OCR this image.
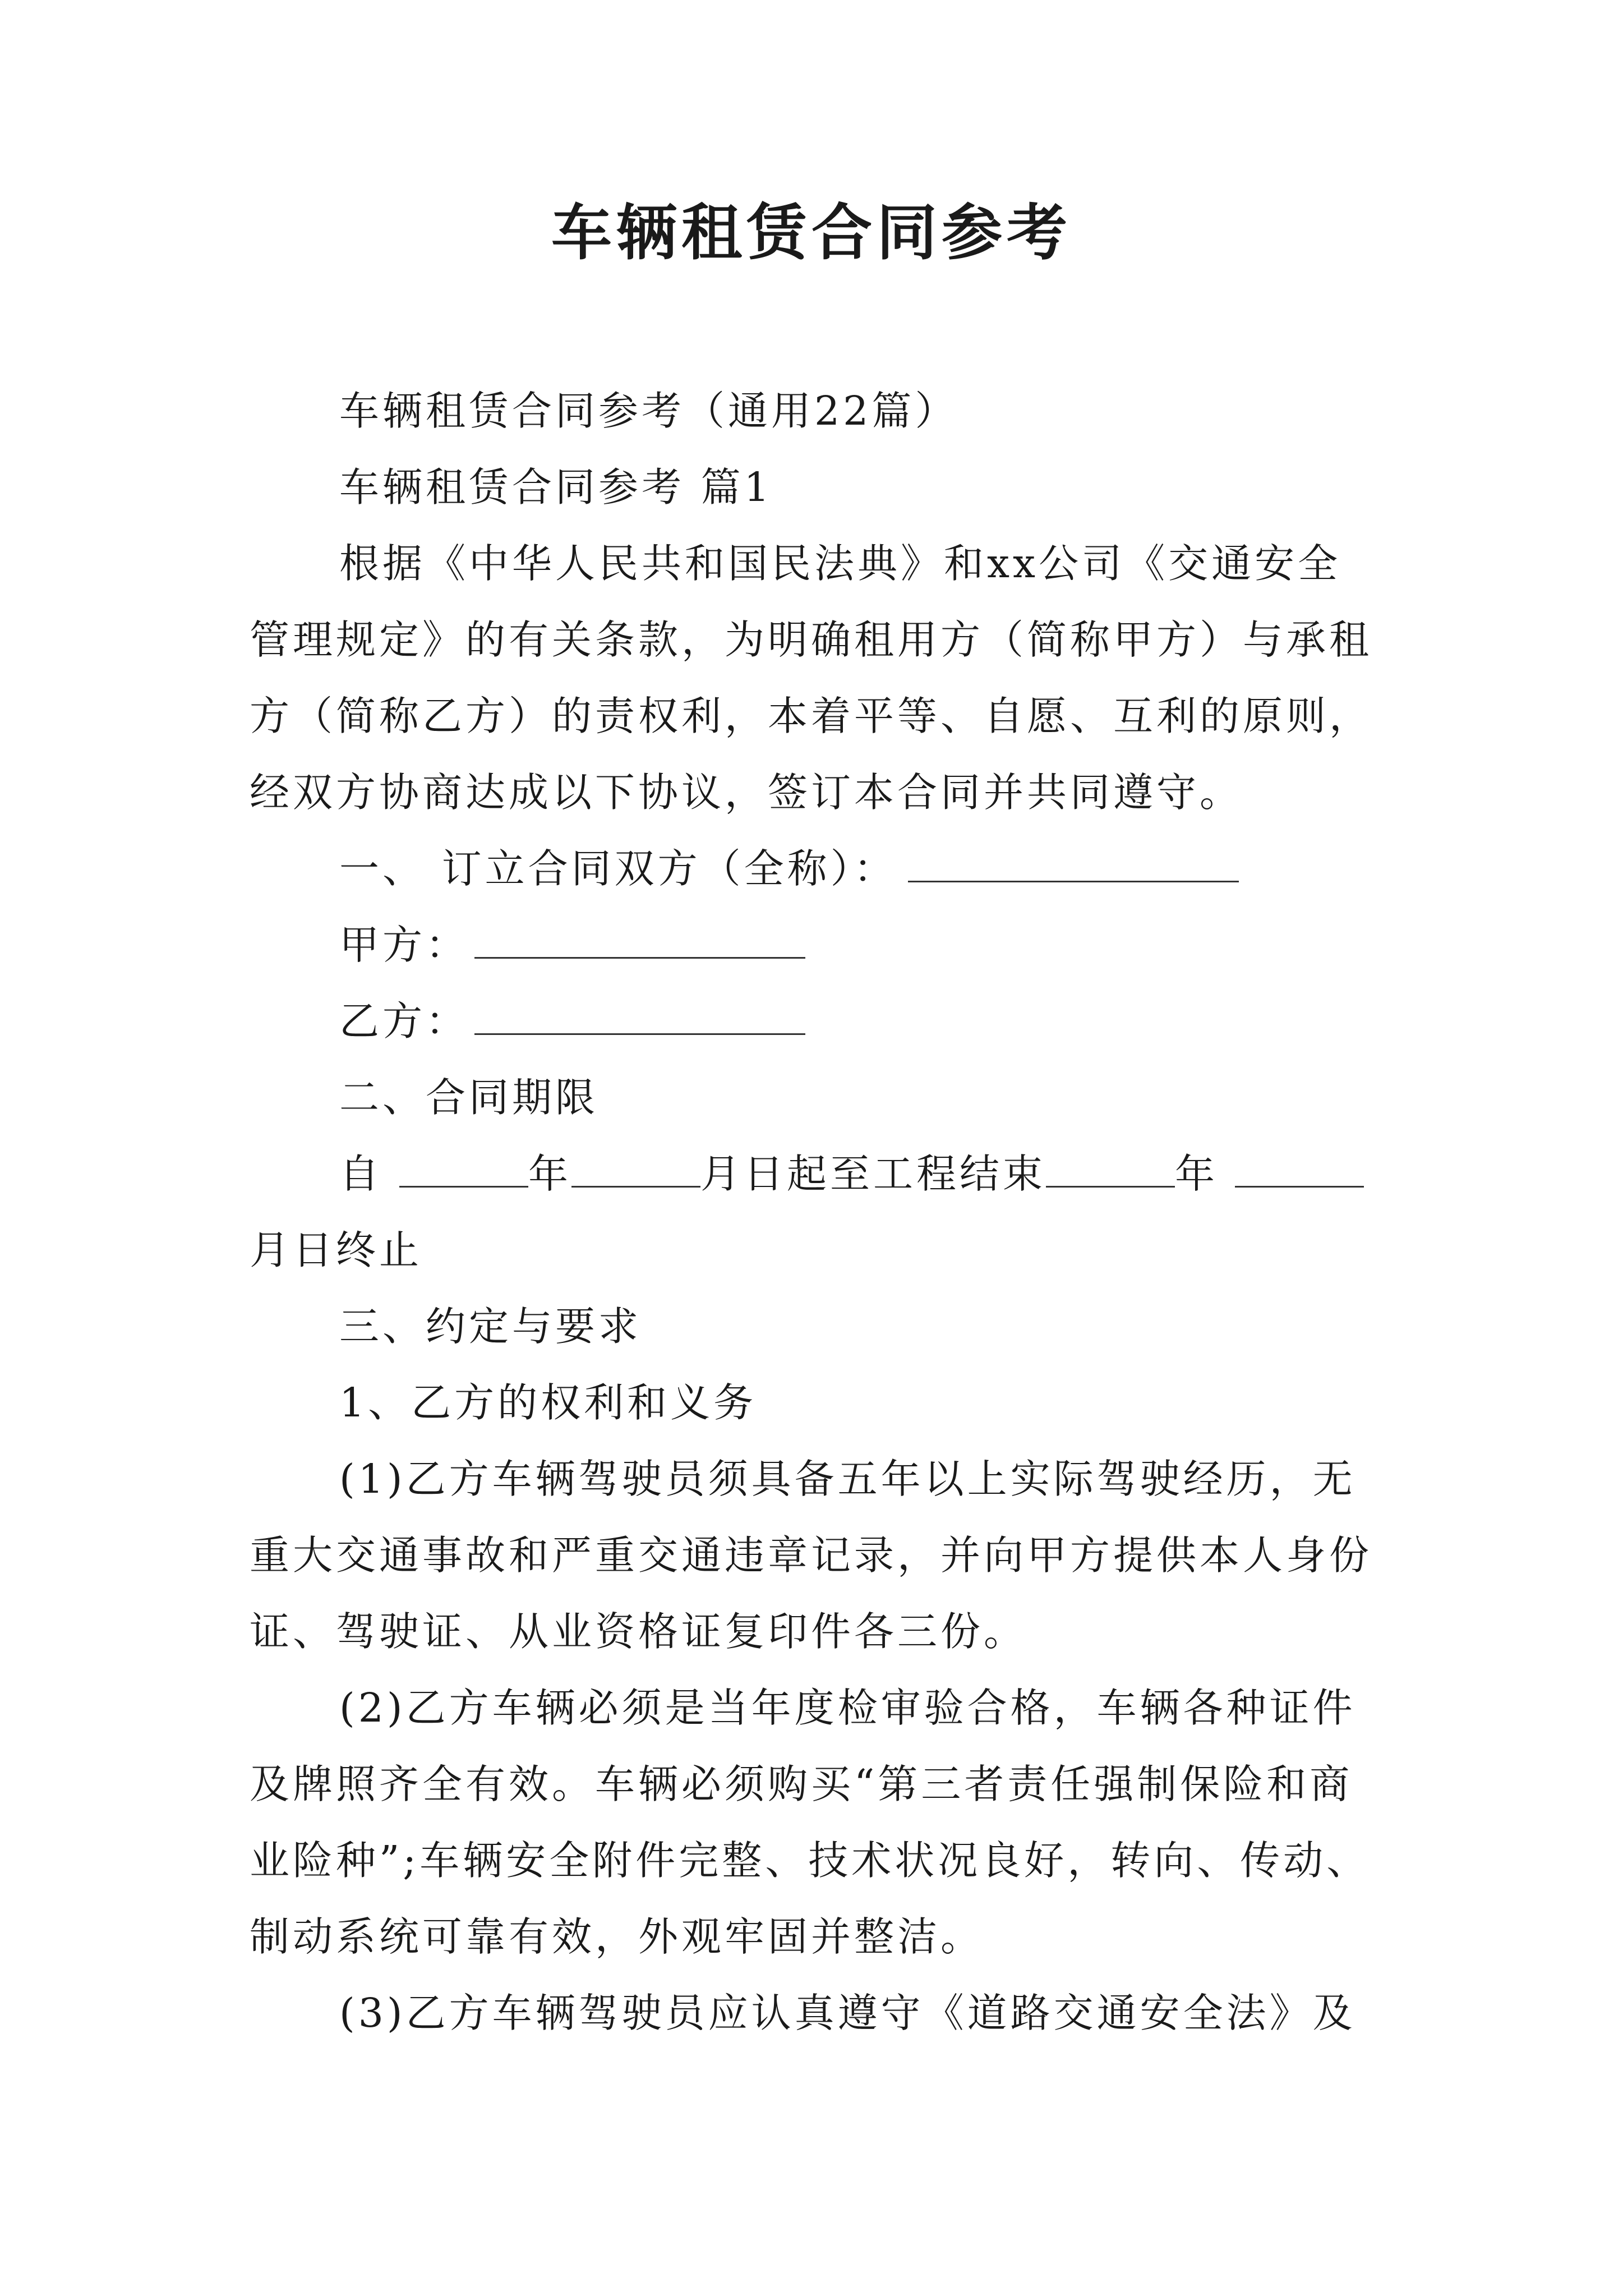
车辆租赁合同参考

车辆租赁合同参考（通用22篇）

车辆租赁合同参考 篇1

根据《中华人民共和国民法典》和xx公司《交通安全

管理规定》的有关条款，为明确租用方（简称甲方）与承租

方（简称乙方）的责权利，本着平等、自愿、互利的原则，

经双方协商达成以下协议，签订本合同并共同遵守。

一、 订立合同双方（全称）：

甲方：

乙方：

二、合同期限

自	年	月日起至工程结束	年

月日终止

三、约定与要求

1、乙方的权利和义务

(1)乙方车辆驾驶员须具备五年以上实际驾驶经历，无

重大交通事故和严重交通违章记录，并向甲方提供本人身份

证、驾驶证、从业资格证复印件各三份。

(2)乙方车辆必须是当年度检审验合格，车辆各种证件

及牌照齐全有效。车辆必须购买“第三者责任强制保险和商

业险种”;车辆安全附件完整、技术状况良好，转向、传动、

制动系统可靠有效，外观牢固并整洁。

(3)乙方车辆驾驶员应认真遵守《道路交通安全法》及
